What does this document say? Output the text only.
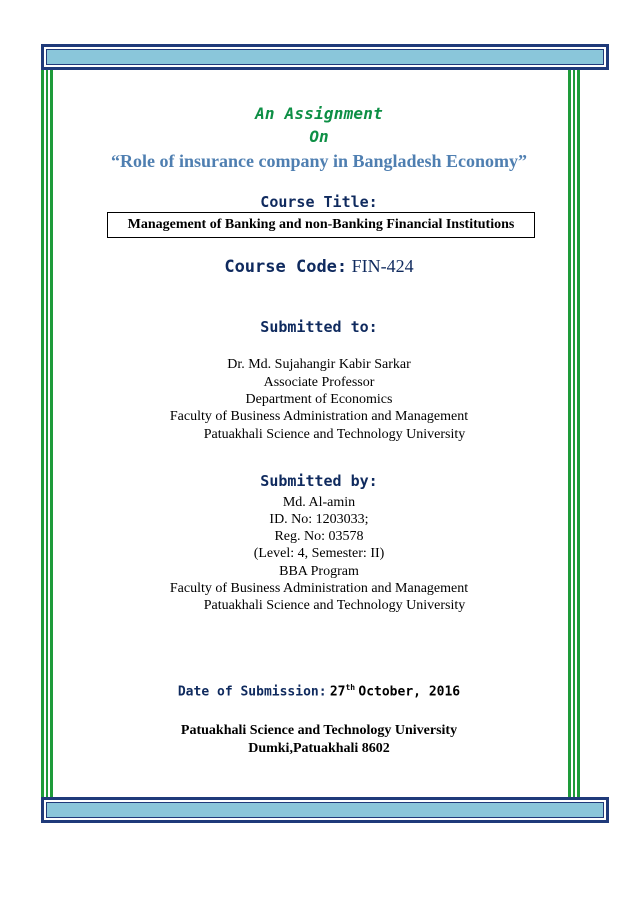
An Assignment
On
“Role of insurance company in Bangladesh Economy”
Course Title:
Management of Banking and non-Banking Financial Institutions
Course Code: FIN-424
Submitted to:
Dr. Md. Sujahangir Kabir Sarkar
Associate Professor
Department of Economics
Faculty of Business Administration and Management
Patuakhali Science and Technology University
Submitted by:
Md. Al-amin
ID. No: 1203033;
Reg. No: 03578
(Level: 4, Semester: II)
BBA Program
Faculty of Business Administration and Management
Patuakhali Science and Technology University
Date of Submission: 27th October, 2016
Patuakhali Science and Technology University
Dumki,Patuakhali 8602
